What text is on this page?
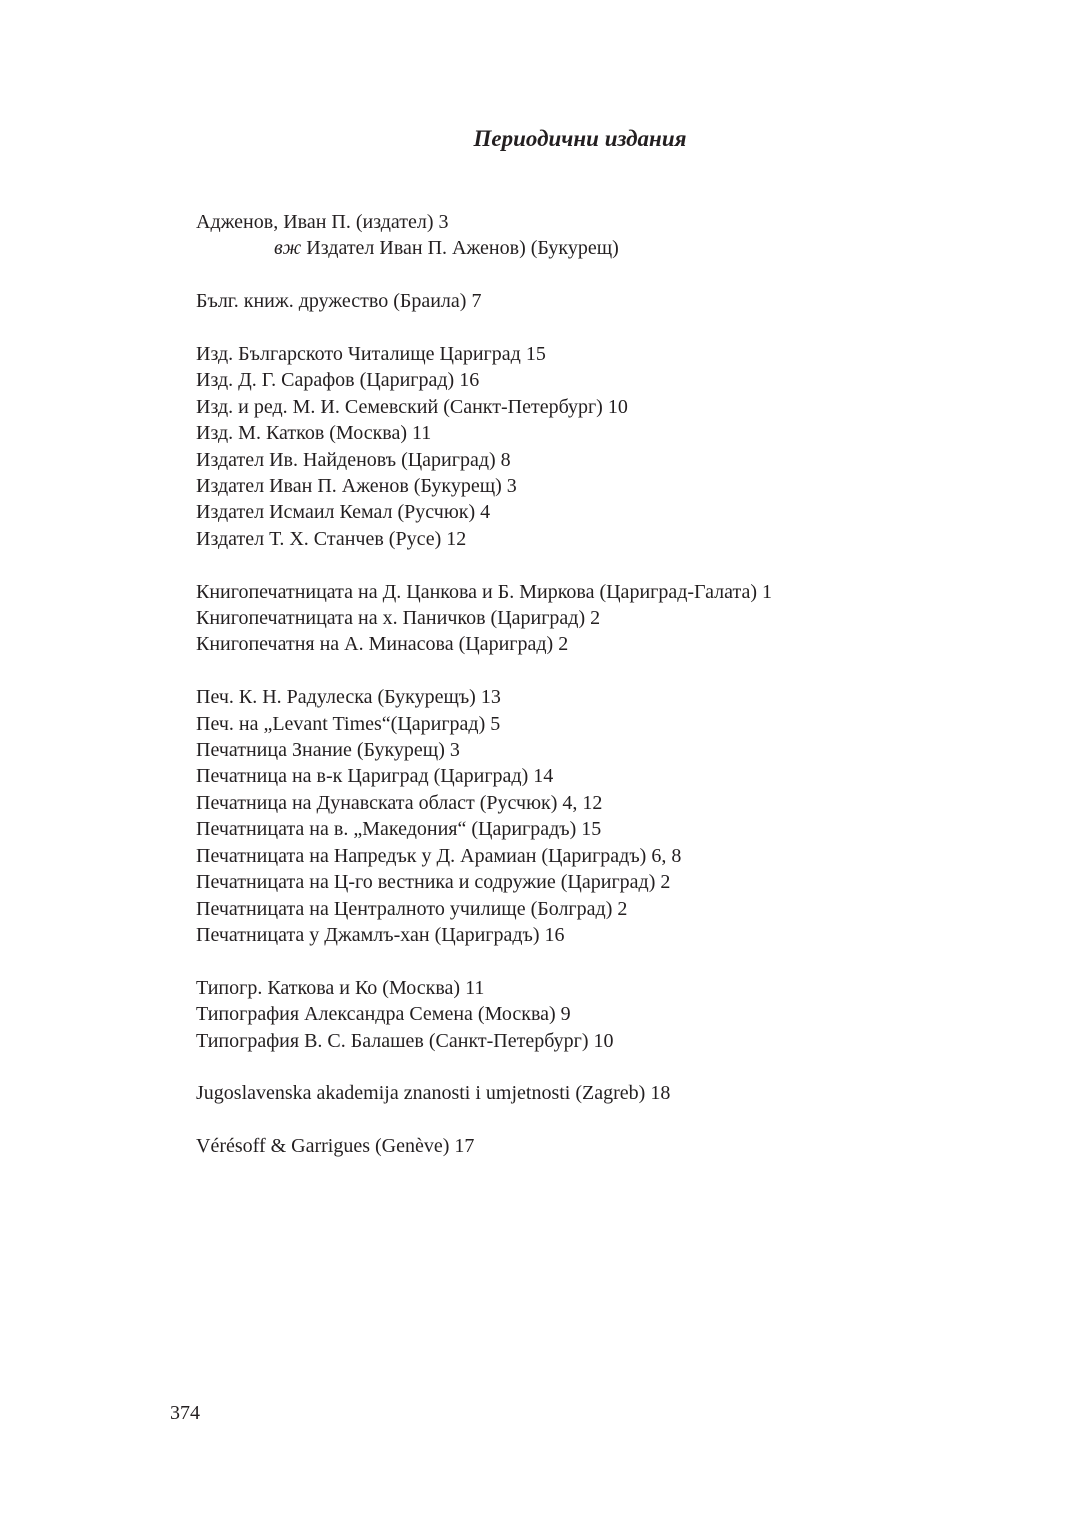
Периодични издания
Адженов, Иван П. (издател) 3
вж Издател Иван П. Аженов) (Букурещ)
Бълг. книж. дружество (Браила) 7
Изд. Българското Читалище Цариград 15
Изд. Д. Г. Сарафов (Цариград) 16
Изд. и ред. М. И. Семевский (Санкт-Петербург) 10
Изд. М. Катков (Москва) 11
Издател Ив. Найденовъ (Цариград) 8
Издател Иван П. Аженов (Букурещ) 3
Издател Исмаил Кемал (Русчюк) 4
Издател Т. Х. Станчев (Русе) 12
Книгопечатницата на Д. Цанкова и Б. Миркова (Цариград-Галата) 1
Книгопечатницата на х. Паничков (Цариград) 2
Книгопечатня на А. Минасова (Цариград) 2
Печ. К. Н. Радулеска (Букурещъ) 13
Печ. на „Levant Times“(Цариград) 5
Печатница Знание (Букурещ) 3
Печатница на в-к Цариград (Цариград) 14
Печатница на Дунавската област (Русчюк) 4, 12
Печатницата на в. „Македония“ (Цариградъ) 15
Печатницата на Напредък у Д. Арамиан (Цариградъ) 6, 8
Печатницата на Ц-го вестника и содружие (Цариград) 2
Печатницата на Централното училище (Болград) 2
Печатницата у Джамлъ-хан (Цариградъ) 16
Типогр. Каткова и Ко (Москва) 11
Типография Александра Семена (Москва) 9
Типография В. С. Балашев (Санкт-Петербург) 10
Jugoslavenska akademija znanosti i umjetnosti (Zagreb) 18
Vérésoff & Garrigues (Genève) 17
374
